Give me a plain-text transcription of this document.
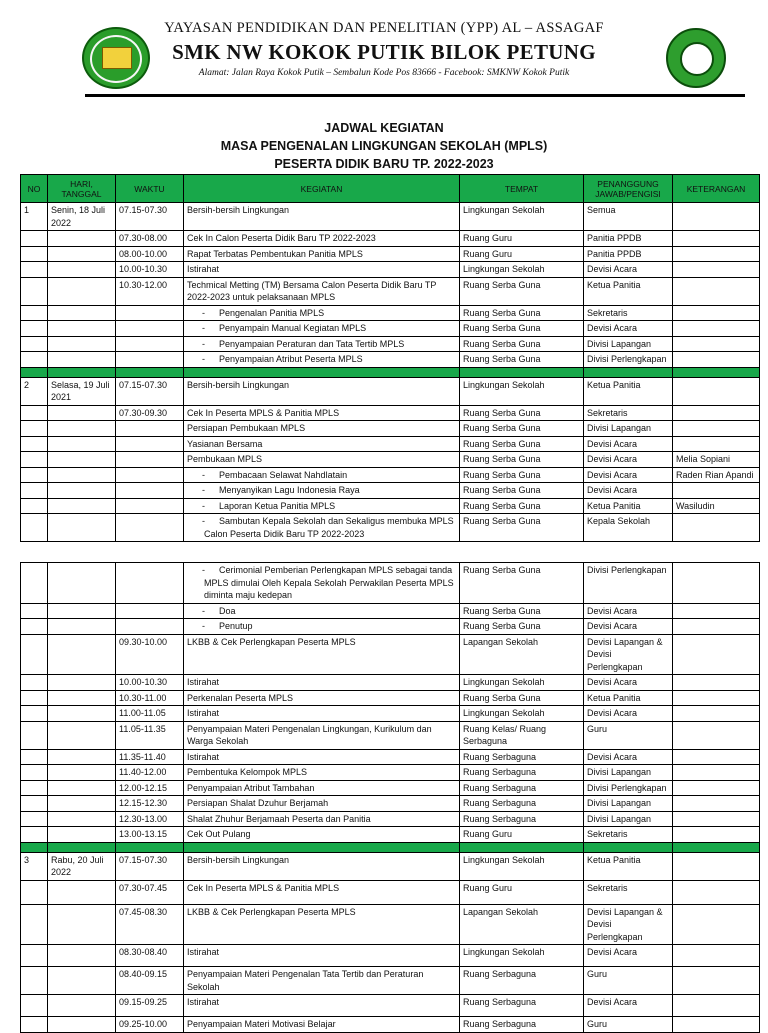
YAYASAN PENDIDIKAN DAN PENELITIAN (YPP) AL – ASSAGAF
SMK NW KOKOK PUTIK BILOK PETUNG
Alamat: Jalan Raya Kokok Putik – Sembalun Kode Pos 83666 - Facebook: SMKNW Kokok Putik
JADWAL KEGIATAN
MASA PENGENALAN LINGKUNGAN SEKOLAH (MPLS)
PESERTA DIDIK BARU TP. 2022-2023
NO	HARI, TANGGAL	WAKTU	KEGIATAN	TEMPAT	PENANGGUNG JAWAB/PENGISI	KETERANGAN
1	Senin, 18 Juli 2022	07.15-07.30	Bersih-bersih Lingkungan	Lingkungan Sekolah	Semua	
		07.30-08.00	Cek In Calon Peserta Didik Baru TP 2022-2023	Ruang Guru	Panitia PPDB	
		08.00-10.00	Rapat Terbatas Pembentukan Panitia MPLS	Ruang Guru	Panitia PPDB	
		10.00-10.30	Istirahat	Lingkungan Sekolah	Devisi Acara	
		10.30-12.00	Techmical Metting (TM) Bersama Calon Peserta Didik Baru TP 2022-2023 untuk pelaksanaan MPLS	Ruang Serba Guna	Ketua Panitia	
			- Pengenalan Panitia MPLS	Ruang Serba Guna	Sekretaris	
			- Penyampain Manual Kegiatan MPLS	Ruang Serba Guna	Devisi Acara	
			- Penyampaian Peraturan dan Tata Tertib MPLS	Ruang Serba Guna	Divisi Lapangan	
			- Penyampaian Atribut Peserta MPLS	Ruang Serba Guna	Divisi Perlengkapan	

2	Selasa, 19 Juli 2021	07.15-07.30	Bersih-bersih Lingkungan	Lingkungan Sekolah	Ketua Panitia	
		07.30-09.30	Cek In Peserta MPLS & Panitia MPLS	Ruang Serba Guna	Sekretaris	
			Persiapan Pembukaan MPLS	Ruang Serba Guna	Divisi Lapangan	
			Yasianan Bersama	Ruang Serba Guna	Devisi Acara	
			Pembukaan MPLS	Ruang Serba Guna	Devisi Acara	Melia Sopiani
			- Pembacaan Selawat Nahdlatain	Ruang Serba Guna	Devisi Acara	Raden Rian Apandi
			- Menyanyikan Lagu Indonesia Raya	Ruang Serba Guna	Devisi Acara	
			- Laporan Ketua Panitia MPLS	Ruang Serba Guna	Ketua Panitia	Wasiludin
			- Sambutan Kepala Sekolah dan Sekaligus membuka MPLS Calon Peserta Didik Baru TP 2022-2023	Ruang Serba Guna	Kepala Sekolah	
			- Cerimonial Pemberian Perlengkapan MPLS sebagai tanda MPLS dimulai Oleh Kepala Sekolah Perwakilan Peserta MPLS diminta maju kedepan	Ruang Serba Guna	Divisi Perlengkapan	
			- Doa	Ruang Serba Guna	Devisi Acara	
			- Penutup	Ruang Serba Guna	Devisi Acara	
		09.30-10.00	LKBB & Cek Perlengkapan Peserta MPLS	Lapangan Sekolah	Devisi Lapangan & Devisi Perlengkapan	
		10.00-10.30	Istirahat	Lingkungan Sekolah	Devisi Acara	
		10.30-11.00	Perkenalan Peserta MPLS	Ruang Serba Guna	Ketua Panitia	
		11.00-11.05	Istirahat	Lingkungan Sekolah	Devisi Acara	
		11.05-11.35	Penyampaian Materi Pengenalan Lingkungan, Kurikulum dan Warga Sekolah	Ruang Kelas/ Ruang Serbaguna	Guru	
		11.35-11.40	Istirahat	Ruang Serbaguna	Devisi Acara	
		11.40-12.00	Pembentuka Kelompok MPLS	Ruang Serbaguna	Divisi Lapangan	
		12.00-12.15	Penyampaian Atribut Tambahan	Ruang Serbaguna	Divisi Perlengkapan	
		12.15-12.30	Persiapan Shalat Dzuhur Berjamah	Ruang Serbaguna	Divisi Lapangan	
		12.30-13.00	Shalat Zhuhur Berjamaah Peserta dan Panitia	Ruang Serbaguna	Divisi Lapangan	
		13.00-13.15	Cek Out Pulang	Ruang Guru	Sekretaris	

3	Rabu, 20 Juli 2022	07.15-07.30	Bersih-bersih Lingkungan	Lingkungan Sekolah	Ketua Panitia	
		07.30-07.45	Cek In Peserta MPLS & Panitia MPLS	Ruang Guru	Sekretaris	
		07.45-08.30	LKBB & Cek Perlengkapan Peserta MPLS	Lapangan Sekolah	Devisi Lapangan & Devisi Perlengkapan	
		08.30-08.40	Istirahat	Lingkungan Sekolah	Devisi Acara	
		08.40-09.15	Penyampaian Materi Pengenalan Tata Tertib dan Peraturan Sekolah	Ruang Serbaguna	Guru	
		09.15-09.25	Istirahat	Ruang Serbaguna	Devisi Acara	
		09.25-10.00	Penyampaian Materi Motivasi Belajar	Ruang Serbaguna	Guru	
